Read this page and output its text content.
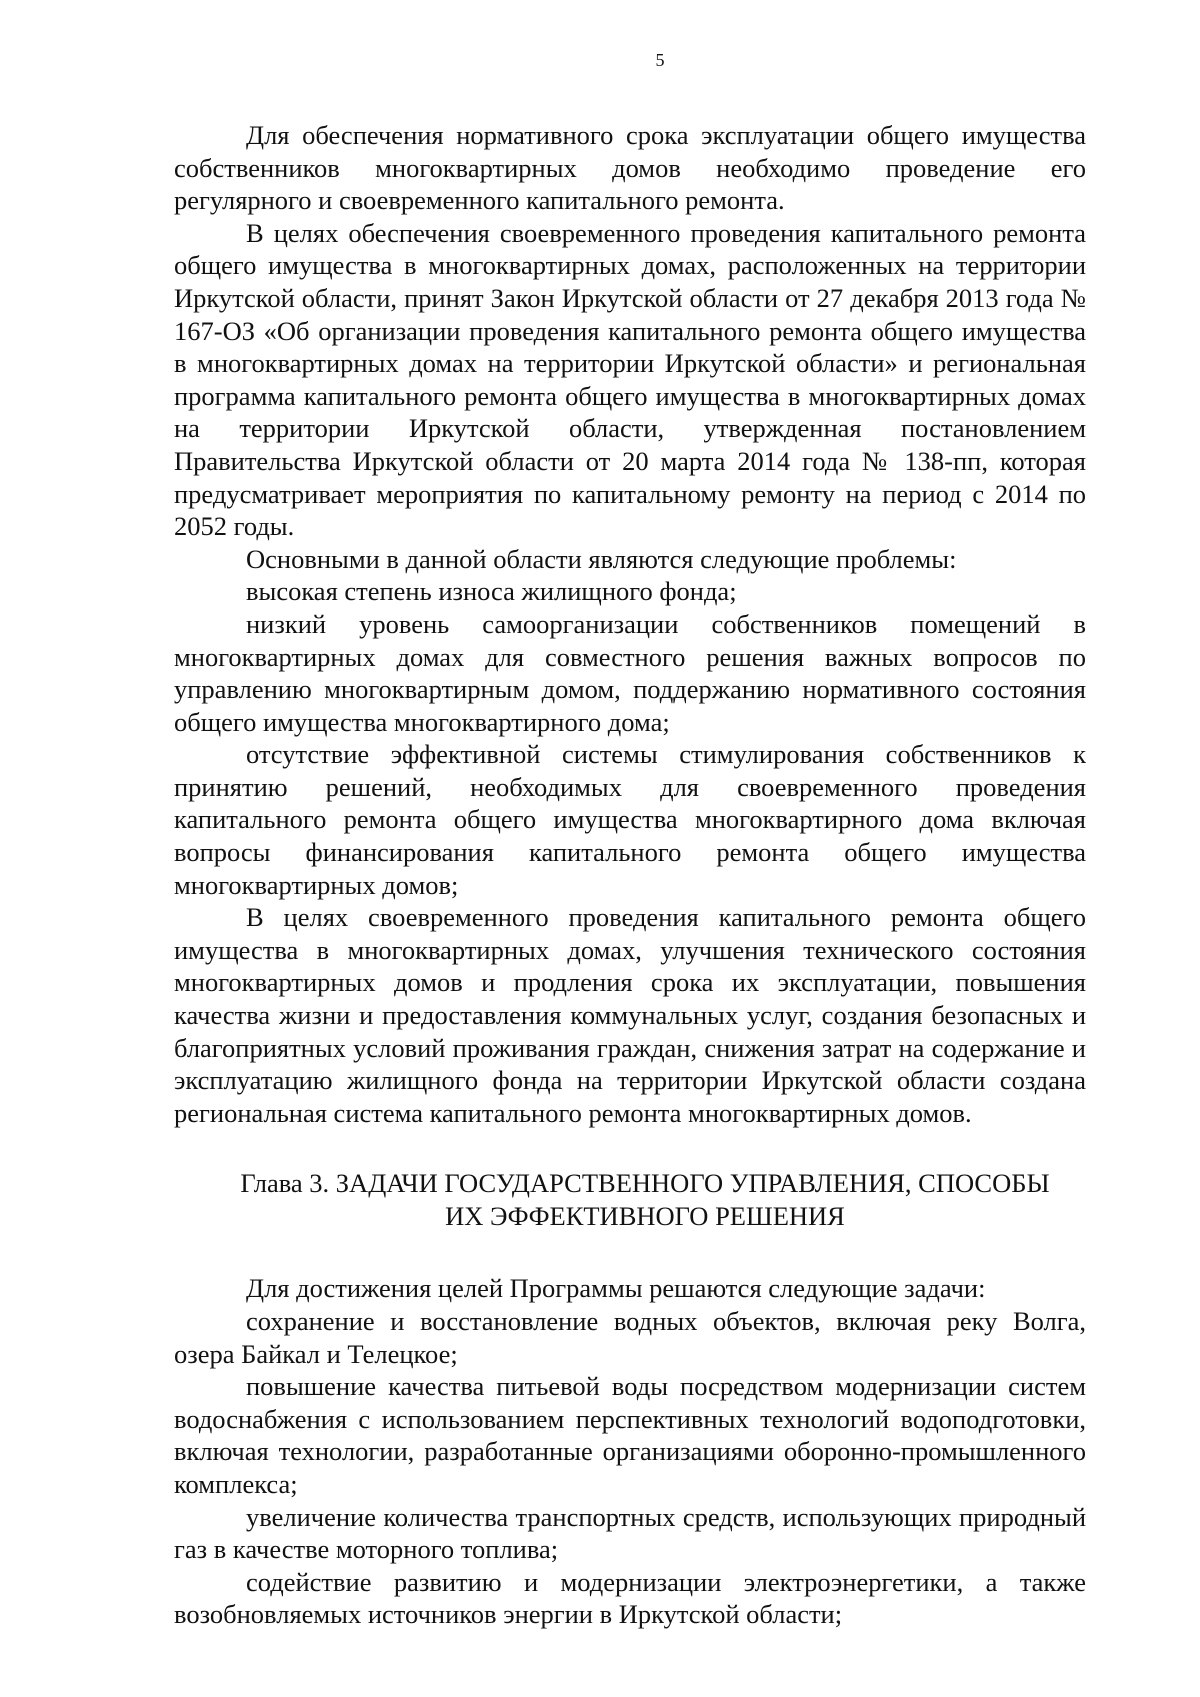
5

Для обеспечения нормативного срока эксплуатации общего имущества собственников многоквартирных домов необходимо проведение его регулярного и своевременного капитального ремонта.

В целях обеспечения своевременного проведения капитального ремонта общего имущества в многоквартирных домах, расположенных на территории Иркутской области, принят Закон Иркутской области от 27 декабря 2013 года № 167-ОЗ «Об организации проведения капитального ремонта общего имущества в многоквартирных домах на территории Иркутской области» и региональная программа капитального ремонта общего имущества в многоквартирных домах на территории Иркутской области, утвержденная постановлением Правительства Иркутской области от 20 марта 2014 года № 138-пп, которая предусматривает мероприятия по капитальному ремонту на период с 2014 по 2052 годы.

Основными в данной области являются следующие проблемы:

высокая степень износа жилищного фонда;

низкий уровень самоорганизации собственников помещений в многоквартирных домах для совместного решения важных вопросов по управлению многоквартирным домом, поддержанию нормативного состояния общего имущества многоквартирного дома;

отсутствие эффективной системы стимулирования собственников к принятию решений, необходимых для своевременного проведения капитального ремонта общего имущества многоквартирного дома включая вопросы финансирования капитального ремонта общего имущества многоквартирных домов;

В целях своевременного проведения капитального ремонта общего имущества в многоквартирных домах, улучшения технического состояния многоквартирных домов и продления срока их эксплуатации, повышения качества жизни и предоставления коммунальных услуг, создания безопасных и благоприятных условий проживания граждан, снижения затрат на содержание и эксплуатацию жилищного фонда на территории Иркутской области создана региональная система капитального ремонта многоквартирных домов.

Глава 3. ЗАДАЧИ ГОСУДАРСТВЕННОГО УПРАВЛЕНИЯ, СПОСОБЫ
ИХ ЭФФЕКТИВНОГО РЕШЕНИЯ

Для достижения целей Программы решаются следующие задачи:

сохранение и восстановление водных объектов, включая реку Волга, озера Байкал и Телецкое;

повышение качества питьевой воды посредством модернизации систем водоснабжения с использованием перспективных технологий водоподготовки, включая технологии, разработанные организациями оборонно-промышленного комплекса;

увеличение количества транспортных средств, использующих природный газ в качестве моторного топлива;

содействие развитию и модернизации электроэнергетики, а также возобновляемых источников энергии в Иркутской области;
